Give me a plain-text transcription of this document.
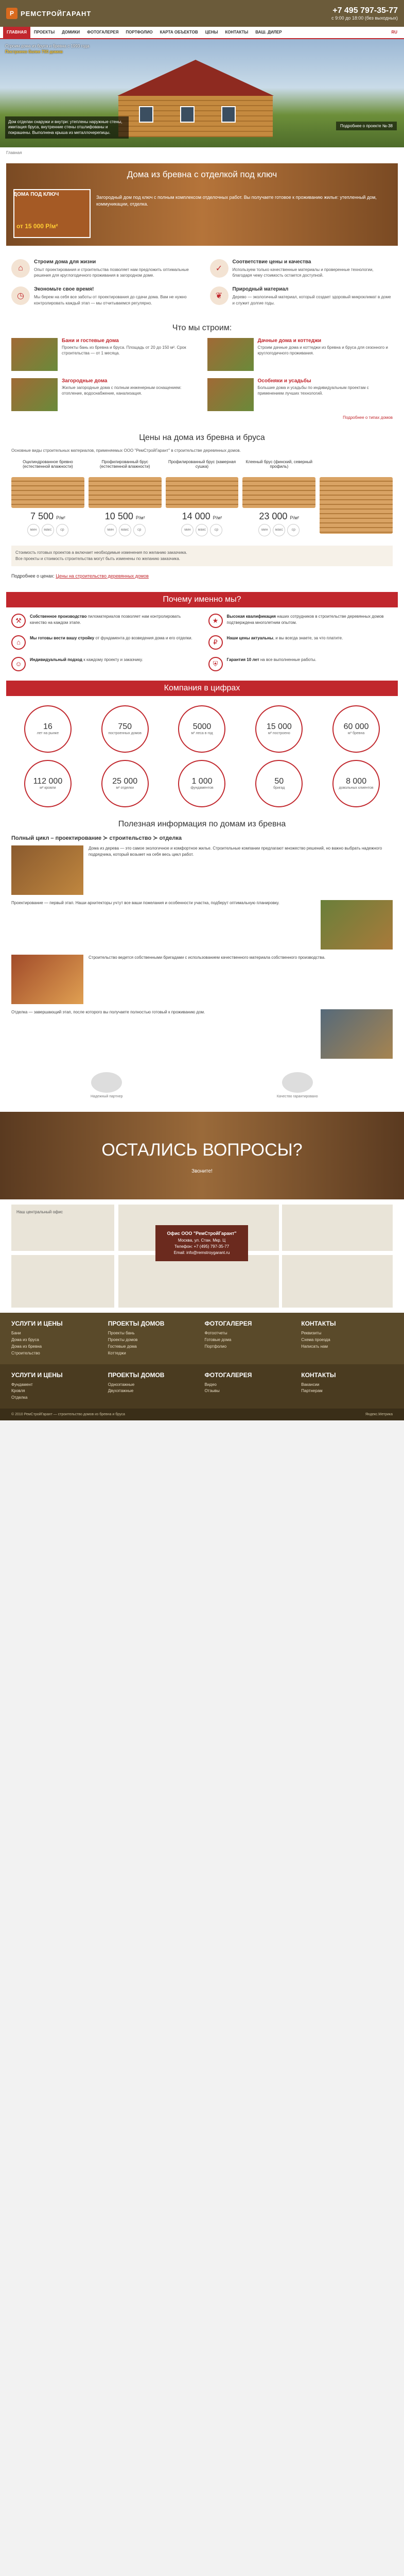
Р	РЕМСТРОЙГАРАНТ	+7 495 797-35-77
с 9:00 до 18:00 (без выходных)
ГЛАВНАЯ	ПРОЕКТЫ	ДОМИКИ	ФОТОГАЛЕРЕЯ	ПОРТФОЛИО	КАРТА ОБЪЕКТОВ	ЦЕНЫ	КОНТАКТЫ	ВАШ. ДИЛЕР	RU
Строим дома из бруса и бревна с 1993 года
Построено более 750 домов
Дом отделан снаружи и внутри: утеплены наружные стены, имитация бруса, внутренние стены отшлифованы и покрашены. Выполнена крыша из металлочерепицы.
Подробнее о проекте №-38
Главная
Дома из бревна с отделкой под ключ
ДОМА ПОД КЛЮЧ	Загородный дом под ключ с полным комплексом отделочных работ. Вы получаете готовое к проживанию жилье: утепленный дом, коммуникации, отделка.
от 15 000 Р/м²
⌂
Строим дома для жизни

Опыт проектирования и строительства позволяет нам предложить оптимальные решения для круглогодичного проживания в загородном доме.

✓
Соответствие цены и качества

Используем только качественные материалы и проверенные технологии, благодаря чему стоимость остается доступной.

◷
Экономьте свое время!

Мы берем на себя все заботы от проектирования до сдачи дома. Вам не нужно контролировать каждый этап — мы отчитываемся регулярно.

❦
Природный материал

Дерево — экологичный материал, который создает здоровый микроклимат в доме и служит долгие годы.

Что мы строим:
Бани и гостевые дома

Проекты бань из бревна и бруса. Площадь от 20 до 150 м². Срок строительства — от 1 месяца.

Дачные дома и коттеджи

Строим дачные дома и коттеджи из бревна и бруса для сезонного и круглогодичного проживания.

Загородные дома

Жилые загородные дома с полным инженерным оснащением: отопление, водоснабжение, канализация.

Особняки и усадьбы

Большие дома и усадьбы по индивидуальным проектам с применением лучших технологий.

Подробнее о типах домов
Цены на дома из бревна и бруса

Основные виды строительных материалов, применяемых ООО "РемСтройГарант" в строительстве деревянных домов.

Оцилиндрованное бревно (естественной влажности)
7 500 Р/м²
мин	макс	ср
Профилированный брус (естественной влажности)
10 500 Р/м²
мин	макс	ср
Профилированный брус (камерная сушка)
14 000 Р/м²
мин	макс	ср
Клееный брус (финский, северный профиль)
23 000 Р/м²
мин	макс	ср
Стоимость готовых проектов а включает необходимые изменения по желанию заказчика.
Все проекты и стоимость строительства могут быть изменены по желанию заказчика.
Подробнее о ценах: Цены на строительство деревянных домов
Почему именно мы?
⚒

Собственное производство пиломатериалов позволяет нам контролировать качество на каждом этапе.	★

Высокая квалификация наших сотрудников в строительстве деревянных домов подтверждена многолетним опытом.

⌂

Мы готовы вести вашу стройку от фундамента до возведения дома и его отделки.

₽

Наши цены актуальны, и вы всегда знаете, за что платите.

☺

Индивидуальный подход к каждому проекту и заказчику.

⛨

Гарантия 10 лет на все выполненные работы.

Компания в цифрах
16
лет на рынке
750
построенных домов
5000
м³ леса в год
15 000
м² построено
60 000
м³ бревна
112 000
м² кровли
25 000
м² отделки
1 000
фундаментов
50
бригад
8 000
довольных клиентов
Полезная информация по домам из бревна
Полный цикл – проектирование ≻ строительство ≻ отделка

Дома из дерева — это самое экологичное и комфортное жилье. Строительные компании предлагают множество решений, но важно выбрать надежного подрядчика, который возьмет на себя весь цикл работ.

Проектирование — первый этап. Наши архитекторы учтут все ваши пожелания и особенности участка, подберут оптимальную планировку.

Строительство ведется собственными бригадами с использованием качественного материала собственного производства.

Отделка — завершающий этап, после которого вы получаете полностью готовый к проживанию дом.

Надежный партнер	Качество гарантировано
ОСТАЛИСЬ ВОПРОСЫ?
Звоните!
Наш центральный офис
Офис ООО "РемСтройГарант"
Москва, ул. Стан. Мкр. Ц
Телефон: +7 (495) 797-35-77
Email: info@remstroygarant.ru
УСЛУГИ И ЦЕНЫ
Бани
Дома из бруса
Дома из бревна
Строительство
ПРОЕКТЫ ДОМОВ
Проекты бань
Проекты домов
Гостевые дома
Коттеджи
ФОТОГАЛЕРЕЯ
Фотоотчеты
Готовые дома
Портфолио
КОНТАКТЫ
Реквизиты
Схема проезда
Написать нам
УСЛУГИ И ЦЕНЫ
Фундамент
Кровля
Отделка
ПРОЕКТЫ ДОМОВ
Одноэтажные
Двухэтажные
ФОТОГАЛЕРЕЯ
Видео
Отзывы
КОНТАКТЫ
Вакансии
Партнерам
© 2010 РемСтройГарант — строительство домов из бревна и бруса	Яндекс.Метрика
